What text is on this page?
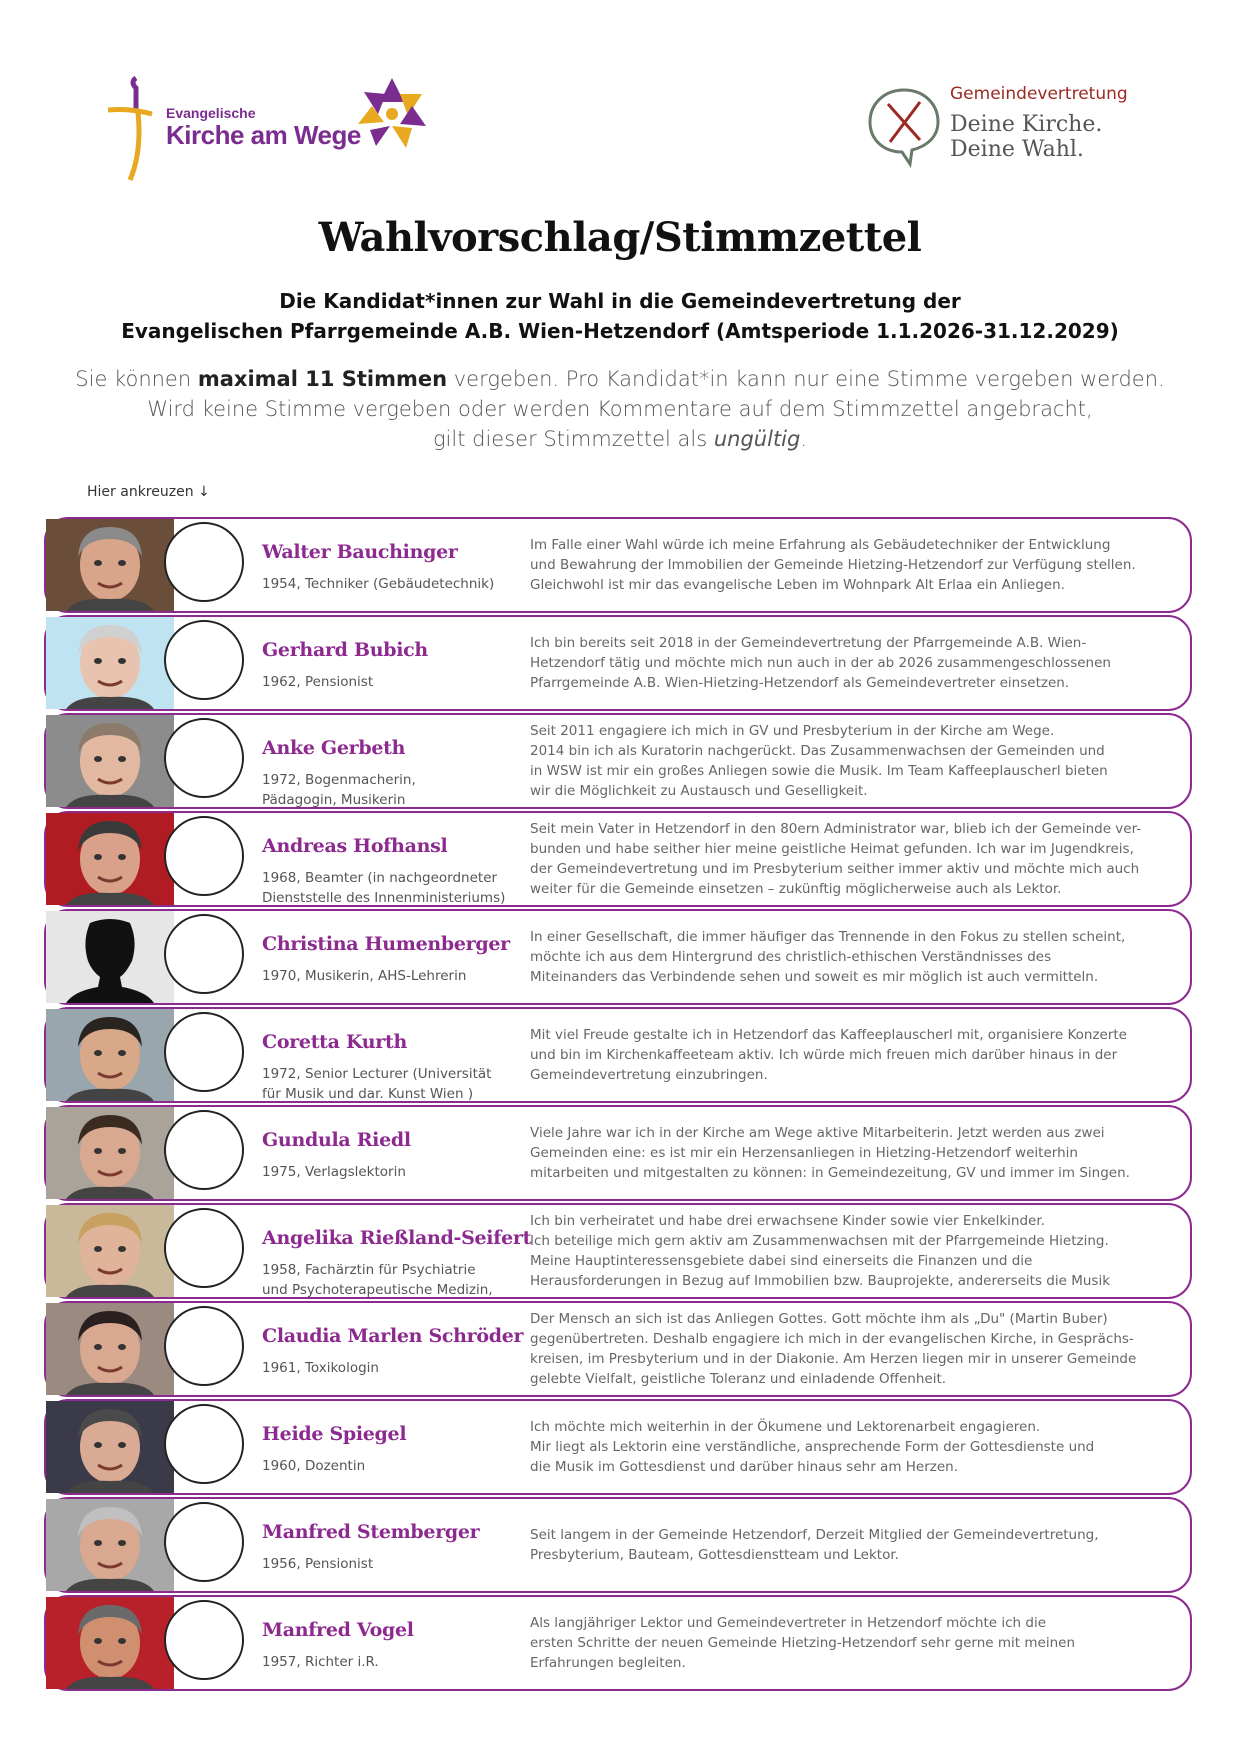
Evangelische
Kirche am Wege
Gemeindevertretung
Deine Kirche.
Deine Wahl.
Wahlvorschlag/Stimmzettel
Die Kandidat*innen zur Wahl in die Gemeindevertretung der
Evangelischen Pfarrgemeinde A.B. Wien-Hetzendorf (Amtsperiode 1.1.2026-31.12.2029)
Sie können maximal 11 Stimmen vergeben. Pro Kandidat*in kann nur eine Stimme vergeben werden.
Wird keine Stimme vergeben oder werden Kommentare auf dem Stimmzettel angebracht,
gilt dieser Stimmzettel als ungültig.
Hier ankreuzen ↓
Walter Bauchinger
1954, Techniker (Gebäudetechnik)
Im Falle einer Wahl würde ich meine Erfahrung als Gebäudetechniker der Entwicklung
und Bewahrung der Immobilien der Gemeinde Hietzing-Hetzendorf zur Verfügung stellen.
Gleichwohl ist mir das evangelische Leben im Wohnpark Alt Erlaa ein Anliegen.
Gerhard Bubich
1962, Pensionist
Ich bin bereits seit 2018 in der Gemeindevertretung der Pfarrgemeinde A.B. Wien-
Hetzendorf tätig und möchte mich nun auch in der ab 2026 zusammengeschlossenen
Pfarrgemeinde A.B. Wien-Hietzing-Hetzendorf als Gemeindevertreter einsetzen.
Anke Gerbeth
1972, Bogenmacherin,
Pädagogin, Musikerin
Seit 2011 engagiere ich mich in GV und Presbyterium in der Kirche am Wege.
2014 bin ich als Kuratorin nachgerückt. Das Zusammenwachsen der Gemeinden und
in WSW ist mir ein großes Anliegen sowie die Musik. Im Team Kaffeeplauscherl bieten
wir die Möglichkeit zu Austausch und Geselligkeit.
Andreas Hofhansl
1968, Beamter (in nachgeordneter
Dienststelle des Innenministeriums)
Seit mein Vater in Hetzendorf in den 80ern Administrator war, blieb ich der Gemeinde ver-
bunden und habe seither hier meine geistliche Heimat gefunden. Ich war im Jugendkreis,
der Gemeindevertretung und im Presbyterium seither immer aktiv und möchte mich auch
weiter für die Gemeinde einsetzen – zukünftig möglicherweise auch als Lektor.
Christina Humenberger
1970, Musikerin, AHS-Lehrerin
In einer Gesellschaft, die immer häufiger das Trennende in den Fokus zu stellen scheint,
möchte ich aus dem Hintergrund des christlich-ethischen Verständnisses des
Miteinanders das Verbindende sehen und soweit es mir möglich ist auch vermitteln.
Coretta Kurth
1972, Senior Lecturer (Universität
für Musik und dar. Kunst Wien )
Mit viel Freude gestalte ich in Hetzendorf das Kaffeeplauscherl mit, organisiere Konzerte
und bin im Kirchenkaffeeteam aktiv. Ich würde mich freuen mich darüber hinaus in der
Gemeindevertretung einzubringen.
Gundula Riedl
1975, Verlagslektorin
Viele Jahre war ich in der Kirche am Wege aktive Mitarbeiterin. Jetzt werden aus zwei
Gemeinden eine: es ist mir ein Herzensanliegen in Hietzing-Hetzendorf weiterhin
mitarbeiten und mitgestalten zu können: in Gemeindezeitung, GV und immer im Singen.
Angelika Rießland-Seifert
1958, Fachärztin für Psychiatrie
und Psychoterapeutische Medizin,
Ich bin verheiratet und habe drei erwachsene Kinder sowie vier Enkelkinder.
Ich beteilige mich gern aktiv am Zusammenwachsen mit der Pfarrgemeinde Hietzing.
Meine Hauptinteressensgebiete dabei sind einerseits die Finanzen und die
Herausforderungen in Bezug auf Immobilien bzw. Bauprojekte, andererseits die Musik
Claudia Marlen Schröder
1961, Toxikologin
Der Mensch an sich ist das Anliegen Gottes. Gott möchte ihm als „Du" (Martin Buber)
gegenübertreten. Deshalb engagiere ich mich in der evangelischen Kirche, in Gesprächs-
kreisen, im Presbyterium und in der Diakonie. Am Herzen liegen mir in unserer Gemeinde
gelebte Vielfalt, geistliche Toleranz und einladende Offenheit.
Heide Spiegel
1960, Dozentin
Ich möchte mich weiterhin in der Ökumene und Lektorenarbeit engagieren.
Mir liegt als Lektorin eine verständliche, ansprechende Form der Gottesdienste und
die Musik im Gottesdienst und darüber hinaus sehr am Herzen.
Manfred Stemberger
1956, Pensionist
Seit langem in der Gemeinde Hetzendorf, Derzeit Mitglied der Gemeindevertretung,
Presbyterium, Bauteam, Gottesdienstteam und Lektor.
Manfred Vogel
1957, Richter i.R.
Als langjähriger Lektor und Gemeindevertreter in Hetzendorf möchte ich die
ersten Schritte der neuen Gemeinde Hietzing-Hetzendorf sehr gerne mit meinen
Erfahrungen begleiten.
